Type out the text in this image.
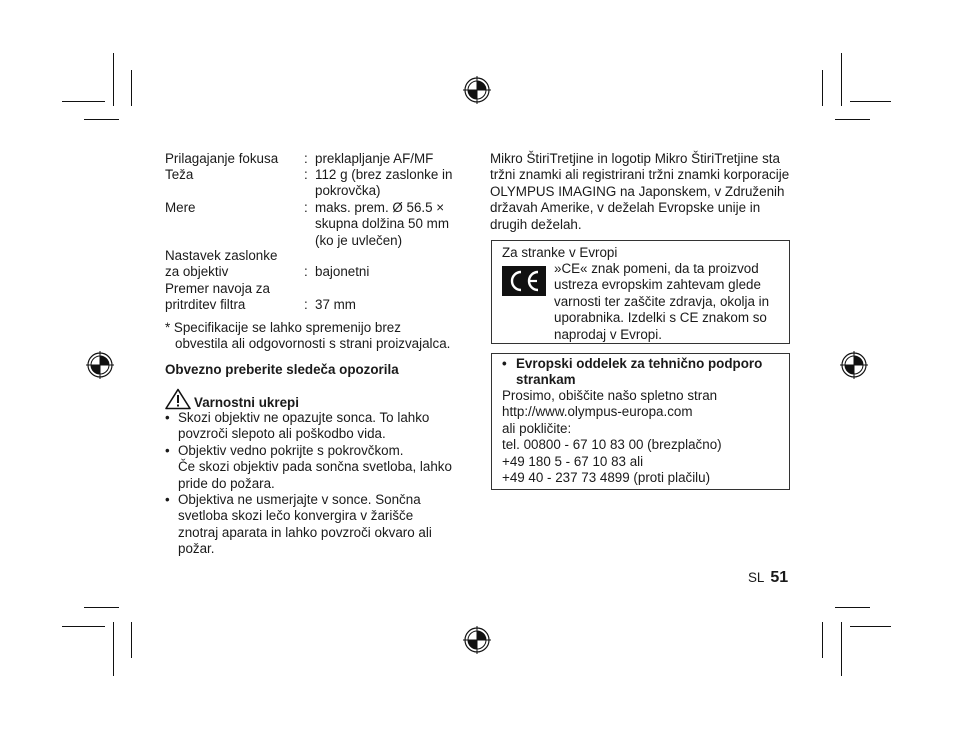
Prilagajanje fokusa : preklapljanje AF/MF
Teža	: 112 g (brez zaslonke in pokrovčka)
Mere	: maks. prem. Ø 56.5 × skupna dolžina 50 mm (ko je uvlečen)
Nastavek zaslonke
za objektiv	: bajonetni
Premer navoja za
pritrditev filtra	: 37 mm
* Specifikacije se lahko spremenijo brez
obvestila ali odgovornosti s strani proizvajalca.
Obvezno preberite sledeča opozorila
Varnostni ukrepi
• Skozi objektiv ne opazujte sonca. To lahko povzroči slepoto ali poškodbo vida.
• Objektiv vedno pokrijte s pokrovčkom.
Če skozi objektiv pada sončna svetloba, lahko pride do požara.
• Objektiva ne usmerjajte v sonce. Sončna svetloba skozi lečo konvergira v žarišče znotraj aparata in lahko povzroči okvaro ali požar.
Mikro ŠtiriTretjine in logotip Mikro ŠtiriTretjine sta tržni znamki ali registrirani tržni znamki korporacije OLYMPUS IMAGING na Japonskem, v Združenih državah Amerike, v deželah Evropske unije in drugih deželah.
Za stranke v Evropi
»CE« znak pomeni, da ta proizvod ustreza evropskim zahtevam glede varnosti ter zaščite zdravja, okolja in uporabnika. Izdelki s CE znakom so naprodaj v Evropi.
• Evropski oddelek za tehnično podporo strankam
Prosimo, obiščite našo spletno stran
http://www.olympus-europa.com
ali pokličite:
tel. 00800 - 67 10 83 00 (brezplačno)
+49 180 5 - 67 10 83 ali
+49 40 - 237 73 4899 (proti plačilu)
SL 51
